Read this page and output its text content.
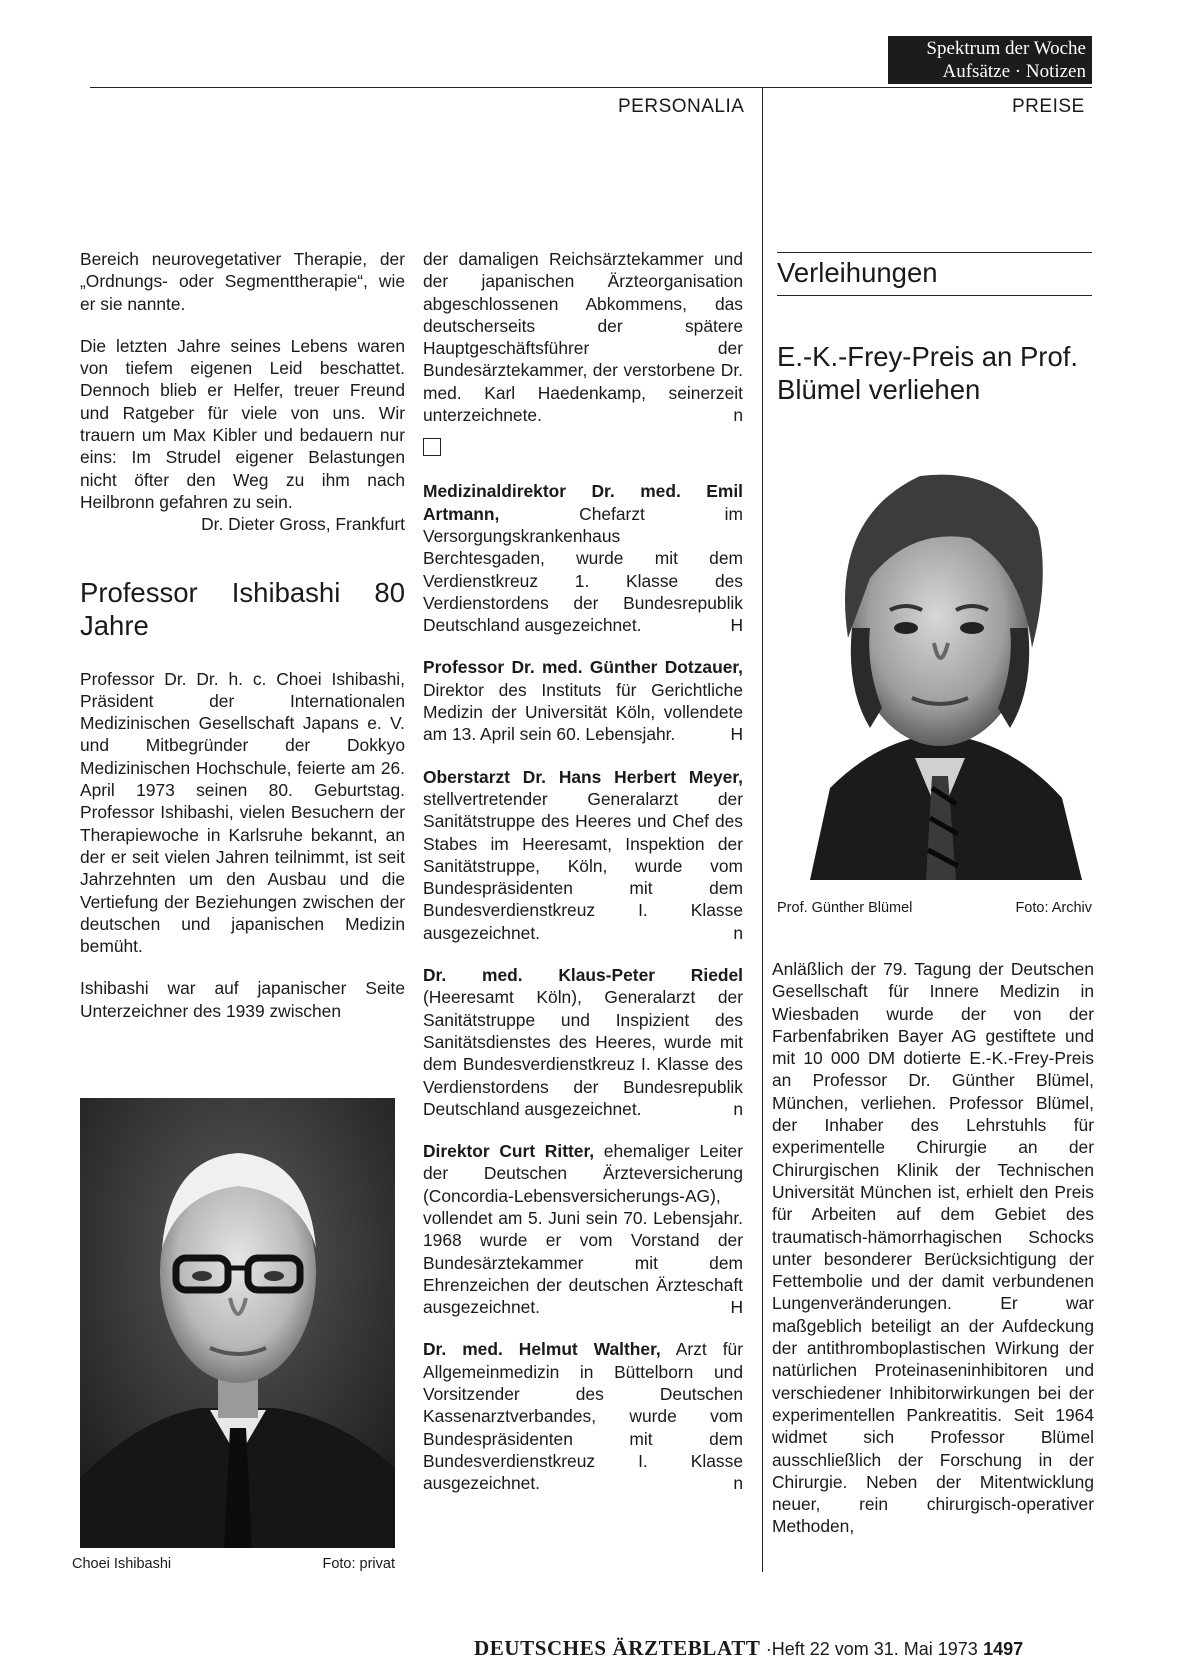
Spektrum der Woche
Aufsätze · Notizen
PERSONALIA	PREISE

Bereich neurovegetativer Therapie, der „Ordnungs- oder Segmenttherapie“, wie er sie nannte.

Die letzten Jahre seines Lebens waren von tiefem eigenen Leid beschattet. Dennoch blieb er Helfer, treuer Freund und Ratgeber für viele von uns. Wir trauern um Max Kibler und bedauern nur eins: Im Strudel eigener Belastungen nicht öfter den Weg zu ihm nach Heilbronn gefahren zu sein.

Dr. Dieter Gross, Frankfurt
Professor Ishibashi 80 Jahre

Professor Dr. Dr. h. c. Choei Ishibashi, Präsident der Internationalen Medizinischen Gesellschaft Japans e. V. und Mitbegründer der Dokkyo Medizinischen Hochschule, feierte am 26. April 1973 seinen 80. Geburtstag. Professor Ishibashi, vielen Besuchern der Therapiewoche in Karlsruhe bekannt, an der er seit vielen Jahren teilnimmt, ist seit Jahrzehnten um den Ausbau und die Vertiefung der Beziehungen zwischen der deutschen und japanischen Medizin bemüht.

Ishibashi war auf japanischer Seite Unterzeichner des 1939 zwischen

Choei Ishibashi	Foto: privat

der damaligen Reichsärztekammer und der japanischen Ärzteorganisation abgeschlossenen Abkommens, das deutscherseits der spätere Hauptgeschäftsführer der Bundesärztekammer, der verstorbene Dr. med. Karl Haedenkamp, seinerzeit unterzeichnete.	n

Medizinaldirektor Dr. med. Emil Artmann, Chefarzt im Versorgungskrankenhaus Berchtesgaden, wurde mit dem Verdienstkreuz 1. Klasse des Verdienstordens der Bundesrepublik Deutschland ausgezeichnet.	H

Professor Dr. med. Günther Dotzauer, Direktor des Instituts für Gerichtliche Medizin der Universität Köln, vollendete am 13. April sein 60. Lebensjahr.	H

Oberstarzt Dr. Hans Herbert Meyer, stellvertretender Generalarzt der Sanitätstruppe des Heeres und Chef des Stabes im Heeresamt, Inspektion der Sanitätstruppe, Köln, wurde vom Bundespräsidenten mit dem Bundesverdienstkreuz I. Klasse ausgezeichnet.	n

Dr. med. Klaus-Peter Riedel (Heeresamt Köln), Generalarzt der Sanitätstruppe und Inspizient des Sanitätsdienstes des Heeres, wurde mit dem Bundesverdienstkreuz I. Klasse des Verdienstordens der Bundesrepublik Deutschland ausgezeichnet.	n

Direktor Curt Ritter, ehemaliger Leiter der Deutschen Ärzteversicherung (Concordia-Lebensversicherungs-AG), vollendet am 5. Juni sein 70. Lebensjahr. 1968 wurde er vom Vorstand der Bundesärztekammer mit dem Ehrenzeichen der deutschen Ärzteschaft ausgezeichnet.	H

Dr. med. Helmut Walther, Arzt für Allgemeinmedizin in Büttelborn und Vorsitzender des Deutschen Kassenarztverbandes, wurde vom Bundespräsidenten mit dem Bundesverdienstkreuz I. Klasse ausgezeichnet.	n

Verleihungen
E.-K.-Frey-Preis an Prof. Blümel verliehen
Prof. Günther Blümel	Foto: Archiv

Anläßlich der 79. Tagung der Deutschen Gesellschaft für Innere Medizin in Wiesbaden wurde der von der Farbenfabriken Bayer AG gestiftete und mit 10 000 DM dotierte E.-K.-Frey-Preis an Professor Dr. Günther Blümel, München, verliehen. Professor Blümel, der Inhaber des Lehrstuhls für experimentelle Chirurgie an der Chirurgischen Klinik der Technischen Universität München ist, erhielt den Preis für Arbeiten auf dem Gebiet des traumatisch-hämorrhagischen Schocks unter besonderer Berücksichtigung der Fettembolie und der damit verbundenen Lungenveränderungen. Er war maßgeblich beteiligt an der Aufdeckung der antithromboplastischen Wirkung der natürlichen Proteinaseninhibitoren und verschiedener Inhibitorwirkungen bei der experimentellen Pankreatitis. Seit 1964 widmet sich Professor Blümel ausschließlich der Forschung in der Chirurgie. Neben der Mitentwicklung neuer, rein chirurgisch-operativer Methoden,

DEUTSCHES ÄRZTEBLATT ·Heft 22 vom 31. Mai 1973 1497
